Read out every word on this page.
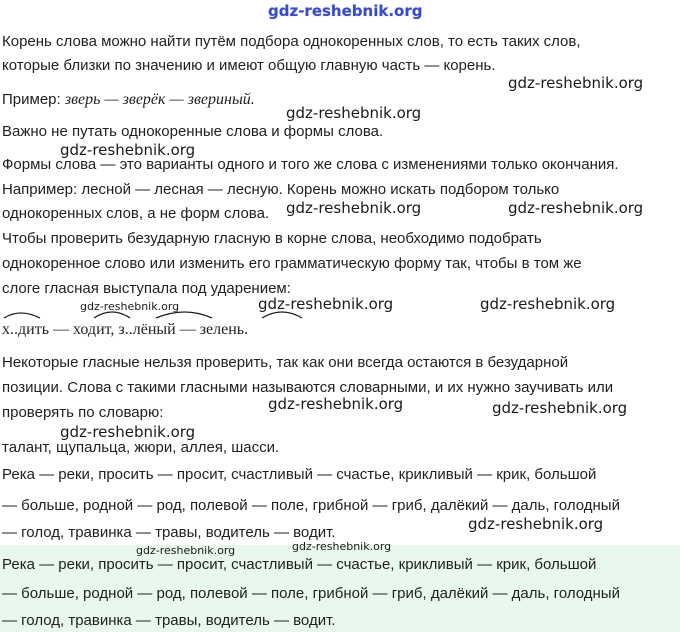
gdz-reshebnik.org
Корень слова можно найти путём подбора однокоренных слов, то есть таких слов,
которые близки по значению и имеют общую главную часть — корень.
Пример: зверь — зверёк — звериный.
Важно не путать однокоренные слова и формы слова.
Формы слова — это варианты одного и того же слова с изменениями только окончания.
Например: лесной — лесная — лесную. Корень можно искать подбором только
однокоренных слов, а не форм слова.
Чтобы проверить безударную гласную в корне слова, необходимо подобрать
однокоренное слово или изменить его грамматическую форму так, чтобы в том же
слоге гласная выступала под ударением:
х..дить — ходит, з..лёный — зелень.
Некоторые гласные нельзя проверить, так как они всегда остаются в безударной
позиции. Слова с такими гласными называются словарными, и их нужно заучивать или
проверять по словарю:
талант, щупальца, жюри, аллея, шасси.
Река — реки, просить — просит, счастливый — счастье, крикливый — крик, большой
— больше, родной — род, полевой — поле, грибной — гриб, далёкий — даль, голодный
— голод, травинка — травы, водитель — водит.
Река — реки, просить — просит, счастливый — счастье, крикливый — крик, большой
— больше, родной — род, полевой — поле, грибной — гриб, далёкий — даль, голодный
— голод, травинка — травы, водитель — водит.
gdz-reshebnik.org
gdz-reshebnik.org
gdz-reshebnik.org
gdz-reshebnik.org	gdz-reshebnik.org
gdz-reshebnik.org	gdz-reshebnik.org	gdz-reshebnik.org
gdz-reshebnik.org	gdz-reshebnik.org
gdz-reshebnik.org
gdz-reshebnik.org
gdz-reshebnik.org	gdz-reshebnik.org
